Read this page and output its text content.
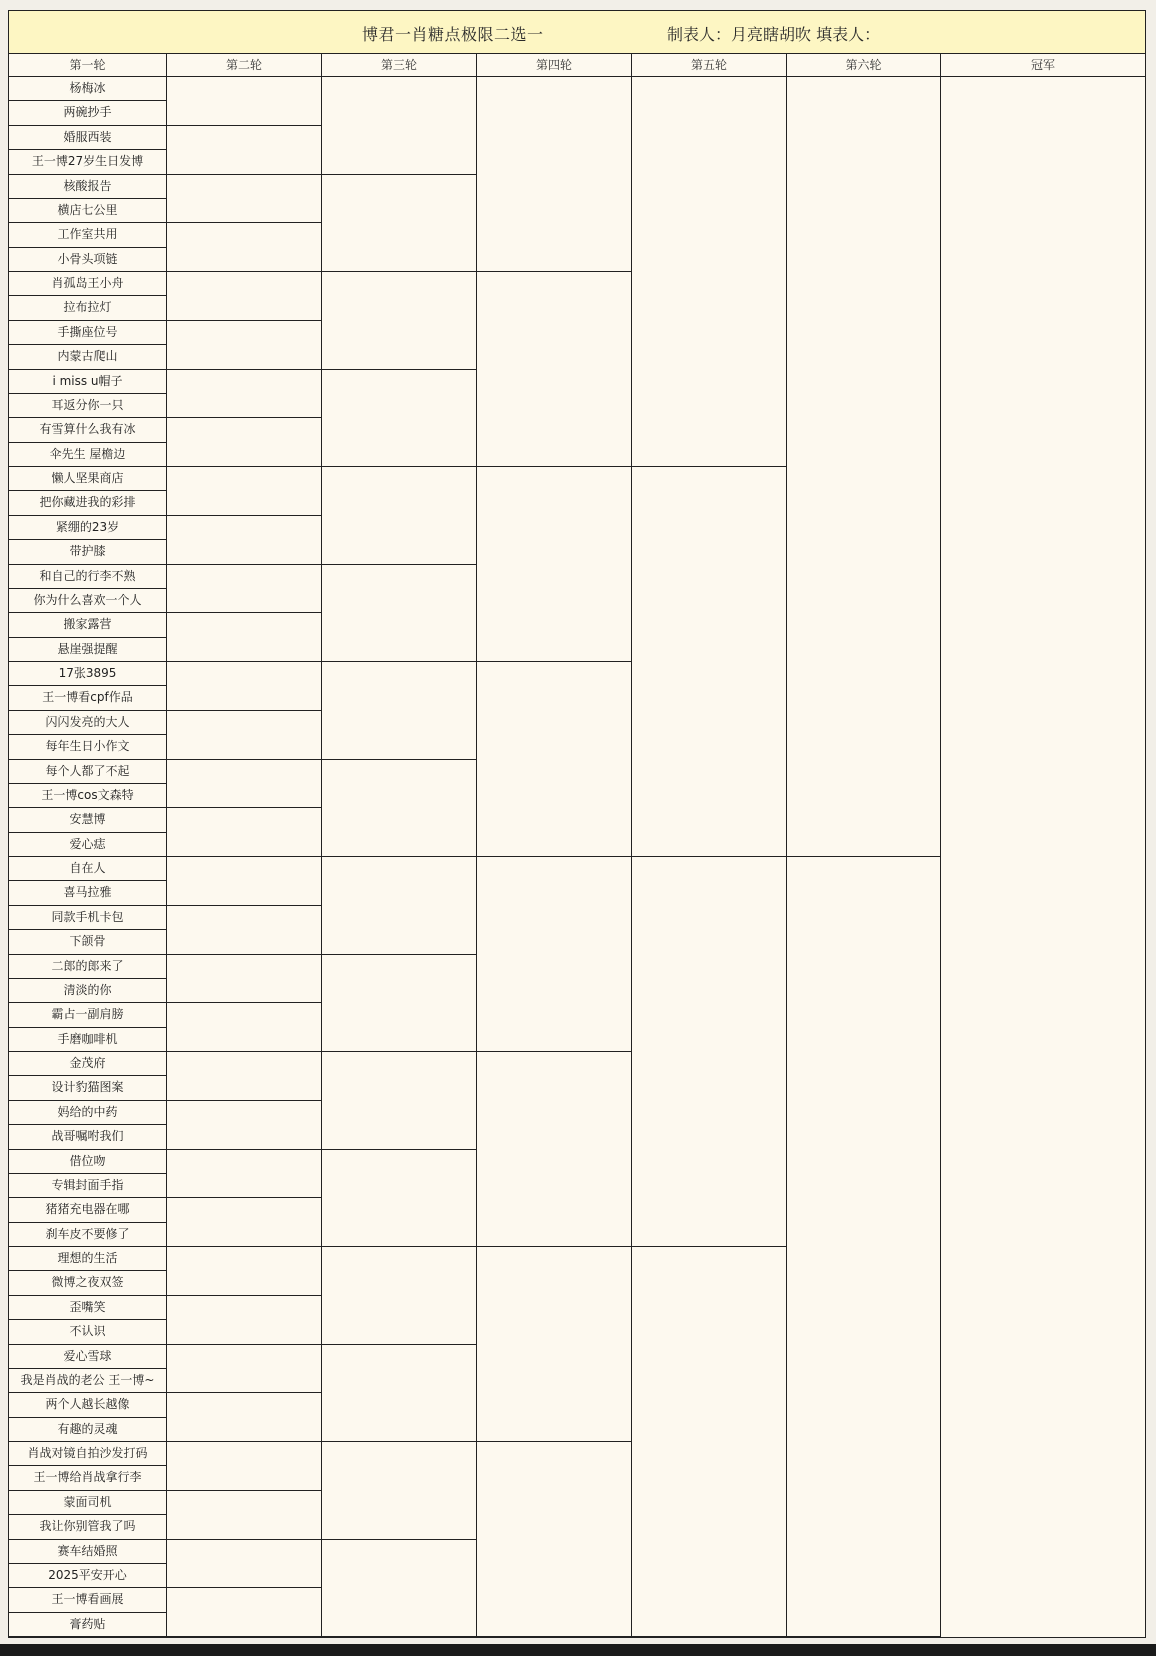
博君一肖糖点极限二选一	制表人：月亮瞎胡吹 填表人：
第一轮	第二轮	第三轮	第四轮	第五轮	第六轮	冠军
杨梅冰
两碗抄手
婚服西装
王一博27岁生日发博
核酸报告
横店七公里
工作室共用
小骨头项链
肖孤岛王小舟
拉布拉灯
手撕座位号
内蒙古爬山
i miss u帽子
耳返分你一只
有雪算什么我有冰
伞先生 屋檐边
懒人坚果商店
把你藏进我的彩排
紧绷的23岁
带护膝
和自己的行李不熟
你为什么喜欢一个人
搬家露营
悬崖强提醒
17张3895
王一博看cpf作品
闪闪发亮的大人
每年生日小作文
每个人都了不起
王一博cos文森特
安慧博
爱心痣
自在人
喜马拉雅
同款手机卡包
下颌骨
二郎的郎来了
清淡的你
霸占一副肩膀
手磨咖啡机
金茂府
设计豹猫图案
妈给的中药
战哥嘱咐我们
借位吻
专辑封面手指
猪猪充电器在哪
刹车皮不要修了
理想的生活
微博之夜双签
歪嘴笑
不认识
爱心雪球
我是肖战的老公 王一博~
两个人越长越像
有趣的灵魂
肖战对镜自拍沙发打码
王一博给肖战拿行李
蒙面司机
我让你别管我了吗
赛车结婚照
2025平安开心
王一博看画展
膏药贴
